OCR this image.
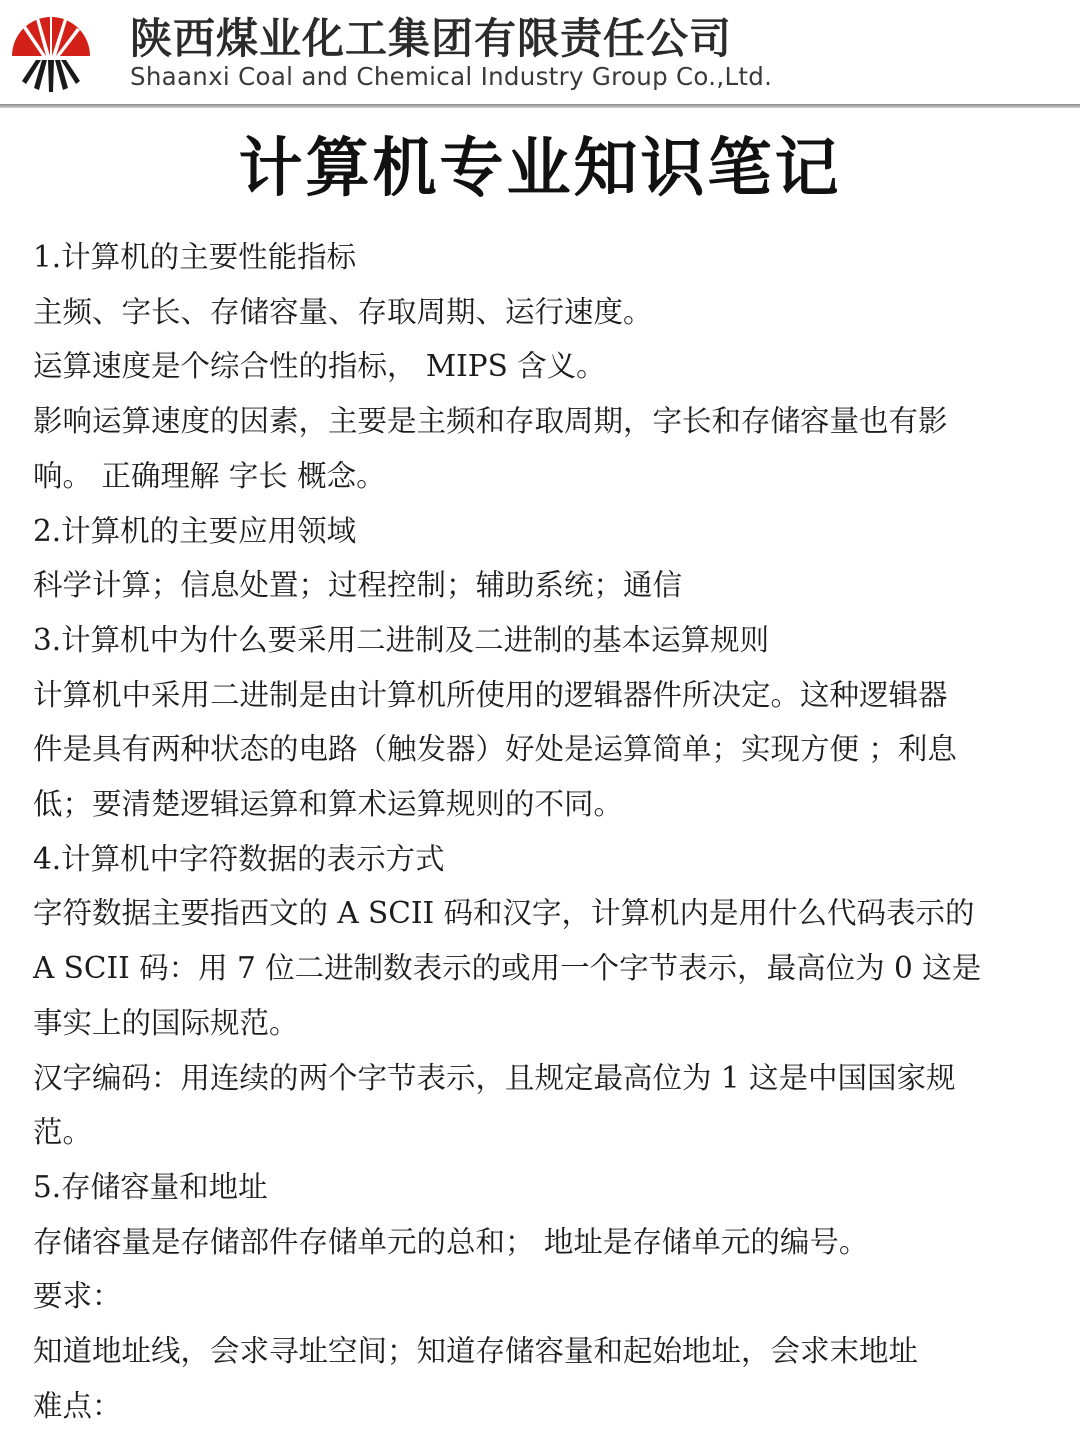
陕西煤业化工集团有限责任公司
Shaanxi Coal and Chemical Industry Group Co.,Ltd.
计算机专业知识笔记
1.计算机的主要性能指标
主频、字长、存储容量、存取周期、运行速度。
运算速度是个综合性的指标， MIPS 含义。
影响运算速度的因素，主要是主频和存取周期，字长和存储容量也有影
响。 正确理解 字长 概念。
2.计算机的主要应用领域
科学计算；信息处置；过程控制；辅助系统；通信
3.计算机中为什么要采用二进制及二进制的基本运算规则
计算机中采用二进制是由计算机所使用的逻辑器件所决定。这种逻辑器
件是具有两种状态的电路（触发器）好处是运算简单；实现方便 ；利息
低；要清楚逻辑运算和算术运算规则的不同。
4.计算机中字符数据的表示方式
字符数据主要指西文的 A SCII 码和汉字，计算机内是用什么代码表示的
A SCII 码：用 7 位二进制数表示的或用一个字节表示，最高位为 0 这是
事实上的国际规范。
汉字编码：用连续的两个字节表示，且规定最高位为 1 这是中国国家规
范。
5.存储容量和地址
存储容量是存储部件存储单元的总和； 地址是存储单元的编号。
要求：
知道地址线，会求寻址空间；知道存储容量和起始地址，会求末地址
难点：
